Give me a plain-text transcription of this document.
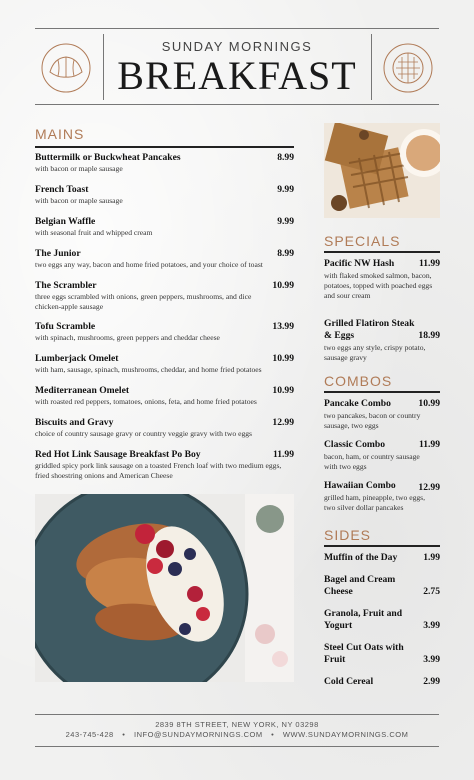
SUNDAY MORNINGS
BREAKFAST
MAINS
Buttermilk or Buckwheat Pancakes
with bacon or maple sausage
8.99
French Toast
with bacon or maple sausage
9.99
Belgian Waffle
with seasonal fruit and whipped cream
9.99
The Junior
two eggs any way, bacon and home fried potatoes, and your choice of toast
8.99
The Scrambler
three eggs scrambled with onions, green peppers, mushrooms, and dice chicken-apple sausage
10.99
Tofu Scramble
with spinach, mushrooms, green peppers and cheddar cheese
13.99
Lumberjack Omelet
with ham, sausage, spinach, mushrooms, cheddar, and home fried potatoes
10.99
Mediterranean Omelet
with roasted red peppers, tomatoes, onions, feta, and home fried potatoes
10.99
Biscuits and Gravy
choice of country sausage gravy or country veggie gravy with two eggs
12.99
Red Hot Link Sausage Breakfast Po Boy
griddled spicy pork link sausage on a toasted French loaf with two medium eggs, fried shoestring onions and American Cheese
11.99
SPECIALS
Pacific NW Hash
with flaked smoked salmon, bacon, potatoes, topped with poached eggs and sour cream
11.99
Grilled Flatiron Steak & Eggs
two eggs any style, crispy potato, sausage gravy
18.99
COMBOS
Pancake Combo
two pancakes, bacon or country sausage, two eggs
10.99
Classic Combo
bacon, ham, or country sausage with two eggs
11.99
Hawaiian Combo
grilled ham, pineapple, two eggs, two silver dollar pancakes
12.99
SIDES
Muffin of the Day	1.99
Bagel and Cream Cheese	2.75
Granola, Fruit and Yogurt	3.99
Steel Cut Oats with Fruit	3.99
Cold Cereal	2.99
2839 8TH STREET, NEW YORK, NY 03298
243-745-428 • INFO@SUNDAYMORNINGS.COM • WWW.SUNDAYMORNINGS.COM
